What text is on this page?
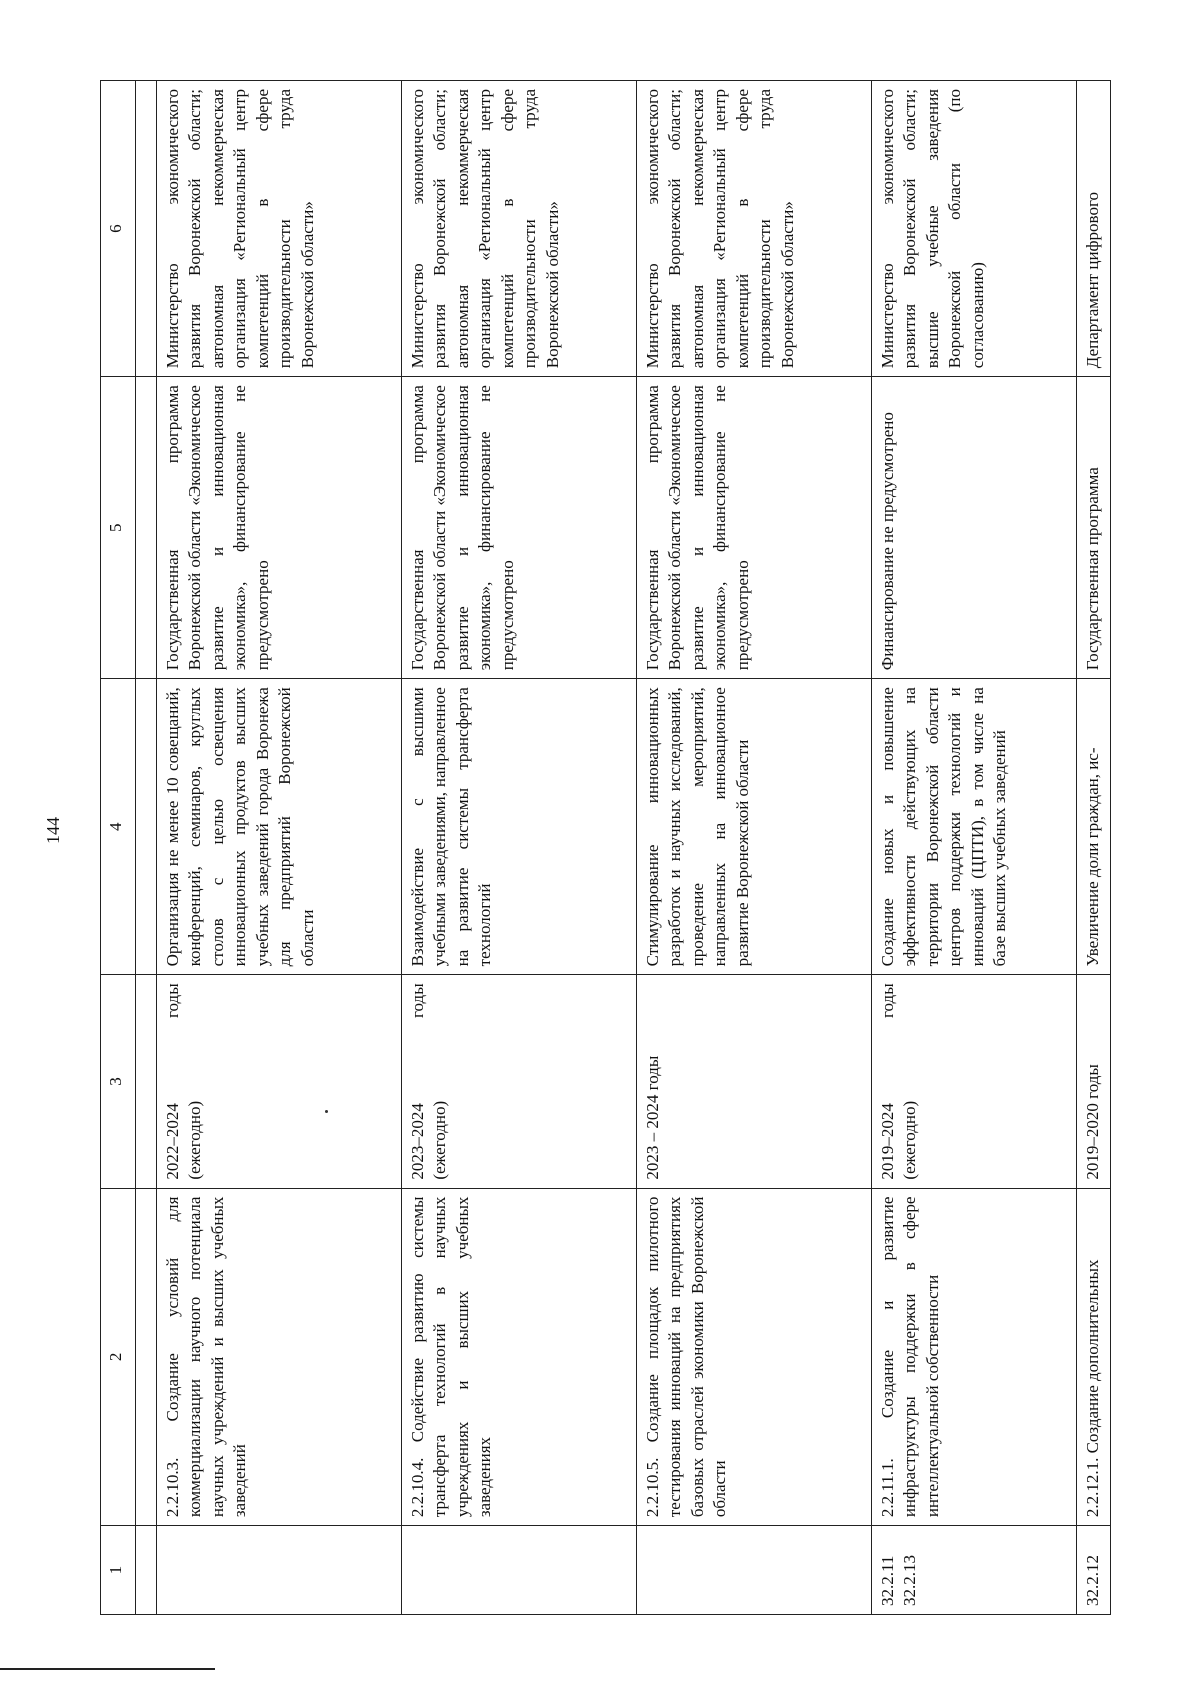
144
1	2	3	4	5	6

	2.2.10.3. Создание условий для коммерциализации научного потенциала научных учреждений и высших учебных заведений	2022–2024 годы (ежегодно)	Организация не менее 10 совещаний, конференций, семинаров, круглых столов с целью освещения инновационных продуктов высших учебных заведений города Воронежа для предприятий Воронежской области	Государственная программа Воронежской области «Экономическое развитие и инновационная экономика», финансирование не предусмотрено	Министерство экономического развития Воронежской области; автономная некоммерческая организация «Региональный центр компетенций в сфере производительности труда Воронежской области»
	2.2.10.4. Содействие развитию системы трансферта технологий в научных учреждениях и высших учебных заведениях	2023–2024 годы (ежегодно)	Взаимодействие с высшими учебными заведениями, направленное на развитие системы трансферта технологий	Государственная программа Воронежской области «Экономическое развитие и инновационная экономика», финансирование не предусмотрено	Министерство экономического развития Воронежской области; автономная некоммерческая организация «Региональный центр компетенций в сфере производительности труда Воронежской области»
	2.2.10.5. Создание площадок пилотного тестирования инноваций на предприятиях базовых отраслей экономики Воронежской области	2023 – 2024 годы	Стимулирование инновационных разработок и научных исследований, проведение мероприятий, направленных на инновационное развитие Воронежской области	Государственная программа Воронежской области «Экономическое развитие и инновационная экономика», финансирование не предусмотрено	Министерство экономического развития Воронежской области; автономная некоммерческая организация «Региональный центр компетенций в сфере производительности труда Воронежской области»
32.2.11 32.2.13	2.2.11.1. Создание и развитие инфраструктуры поддержки в сфере интеллектуальной собственности	2019–2024 годы (ежегодно)	Создание новых и повышение эффективности действующих на территории Воронежской области центров поддержки технологий и инноваций (ЦПТИ), в том числе на базе высших учебных заведений	Финансирование не предусмотрено	Министерство экономического развития Воронежской области; высшие учебные заведения Воронежской области (по согласованию)
32.2.12	2.2.12.1. Создание дополнительных	2019–2020 годы	Увеличение доли граждан, ис-	Государственная программа	Департамент цифрового
